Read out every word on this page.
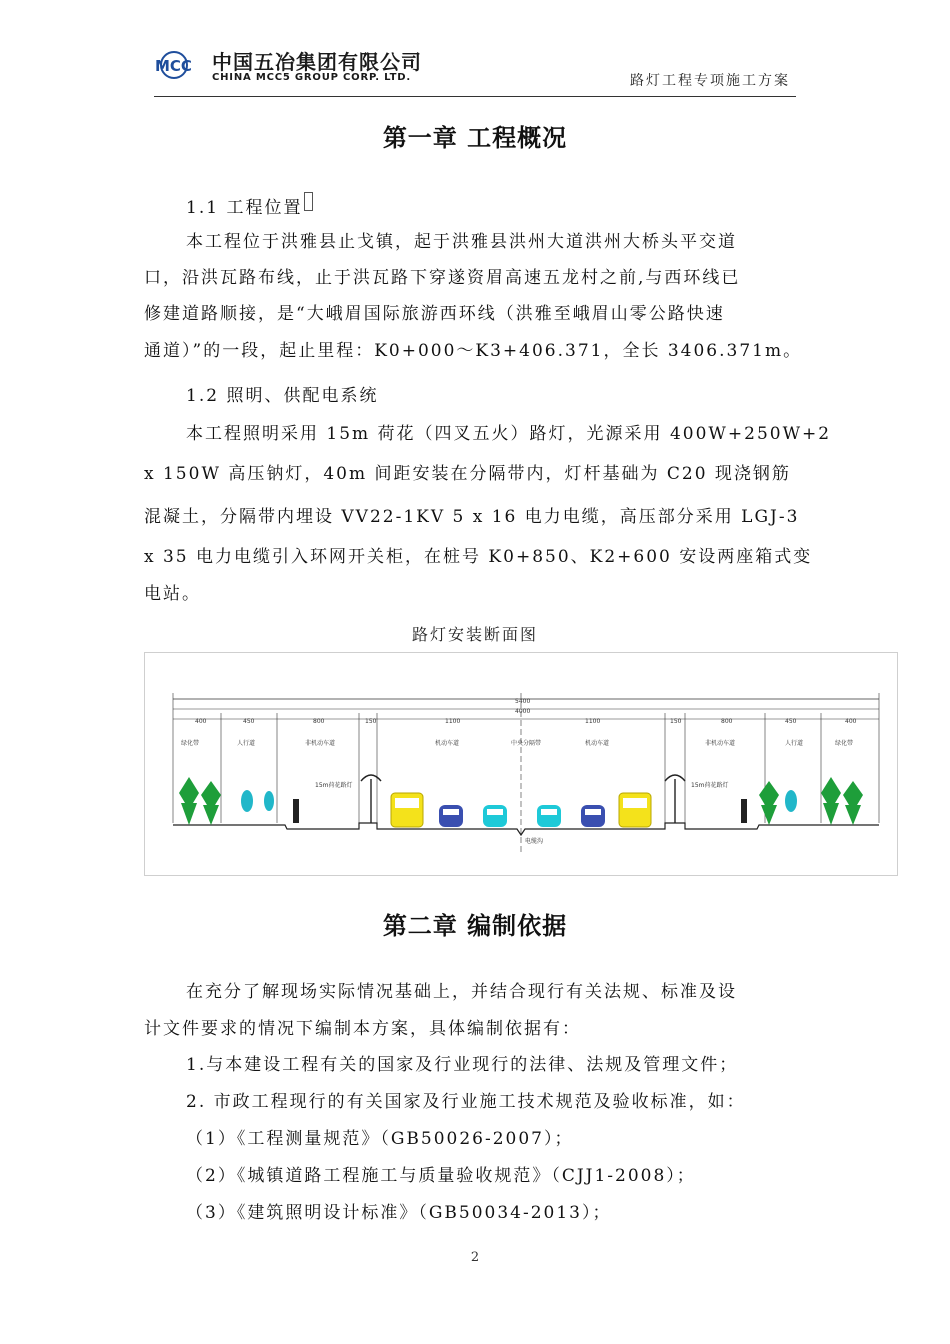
MCC 中国五冶集团有限公司
CHINA MCC5 GROUP CORP. LTD.	路灯工程专项施工方案
第一章 工程概况
1.1 工程位置
本工程位于洪雅县止戈镇，起于洪雅县洪州大道洪州大桥头平交道
口，沿洪瓦路布线，止于洪瓦路下穿遂资眉高速五龙村之前,与西环线已
修建道路顺接，是“大峨眉国际旅游西环线（洪雅至峨眉山零公路快速
通道）”的一段，起止里程：K0+000～K3+406.371，全长 3406.371m。
1.2 照明、供配电系统
本工程照明采用 15m 荷花（四叉五火）路灯，光源采用 400W+250W+2
x 150W 高压钠灯，40m 间距安装在分隔带内，灯杆基础为 C20 现浇钢筋
混凝土，分隔带内埋设 VV22-1KV 5 x 16 电力电缆，高压部分采用 LGJ-3
x 35 电力电缆引入环网开关柜，在桩号 K0+850、K2+600 安设两座箱式变
电站。
路灯安装断面图
400	450	800	150	1100	1100	150	800	450	400
5400
4000
绿化带	人行道	非机动车道	机动车道	机动车道	非机动车道	人行道	绿化带
中央分隔带
15m荷花路灯	15m荷花路灯
电缆沟
第二章 编制依据
在充分了解现场实际情况基础上，并结合现行有关法规、标准及设
计文件要求的情况下编制本方案，具体编制依据有：
1.与本建设工程有关的国家及行业现行的法律、法规及管理文件；
2. 市政工程现行的有关国家及行业施工技术规范及验收标准，如：
（1）《工程测量规范》（GB50026-2007）；
（2）《城镇道路工程施工与质量验收规范》（CJJ1-2008）；
（3）《建筑照明设计标准》（GB50034-2013）；
2
